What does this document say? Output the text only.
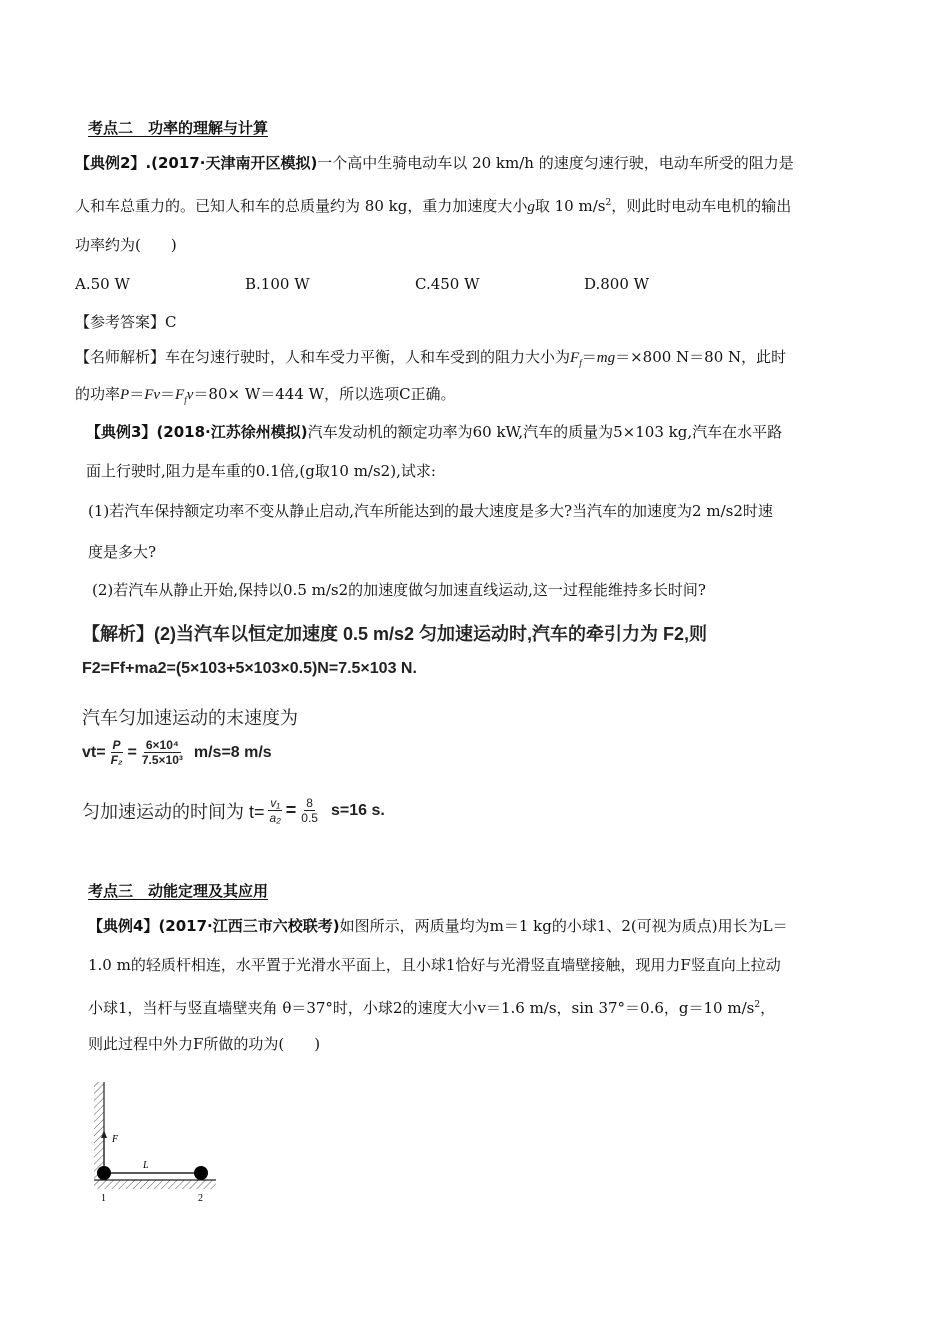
考点二　功率的理解与计算
【典例2】.(2017·天津南开区模拟)一个高中生骑电动车以 20 km/h 的速度匀速行驶，电动车所受的阻力是
人和车总重力的。已知人和车的总质量约为 80 kg，重力加速度大小g取 10 $m/s^2$，则此时电动车电机的输出
功率约为(　　)
A.50 W	B.100 W	C.450 W	D.800 W
【参考答案】C
【名师解析】车在匀速行驶时，人和车受力平衡，人和车受到的阻力大小为$F_f=mg=\times 800$ N＝80 N，此时
的功率$P=Fv=F_fv=80\times W=444$ W，所以选项C正确。
【典例3】(2018·江苏徐州模拟)汽车发动机的额定功率为60 kW,汽车的质量为5×103 kg,汽车在水平路
面上行驶时,阻力是车重的0.1倍,(g取10 m/s2),试求:
(1)若汽车保持额定功率不变从静止启动,汽车所能达到的最大速度是多大?当汽车的加速度为2 m/s2时速
度是多大?
(2)若汽车从静止开始,保持以0.5 m/s2的加速度做匀加速直线运动,这一过程能维持多长时间?
【解析】(2)当汽车以恒定加速度 0.5 m/s2 匀加速运动时,汽车的牵引力为 F2,则
F2=Ff+ma2=(5×103+5×103×0.5)N=7.5×103 N.
汽车匀加速运动的末速度为
$vt= \frac{P}{\text{F₂}} = \frac{\text{6×10⁴}}{\text{7.5×10³}} m/s=8$ m/s
匀加速运动的时间为 $t= \frac{\text{v₁}}{\text{a₂}} = \frac{8}{0.5} s=16$ s.
考点三　动能定理及其应用
【典例4】(2017·江西三市六校联考)如图所示，两质量均为m＝1 kg的小球1、2(可视为质点)用长为L＝
1.0 m的轻质杆相连，水平置于光滑水平面上，且小球1恰好与光滑竖直墙壁接触，现用力F竖直向上拉动
小球1，当杆与竖直墙壁夹角 θ＝37°时，小球2的速度大小v＝1.6 m/s，sin 37°＝0.6，g＝10 $m/s^2$，
则此过程中外力F所做的功为(　　)
F
L
1	2
